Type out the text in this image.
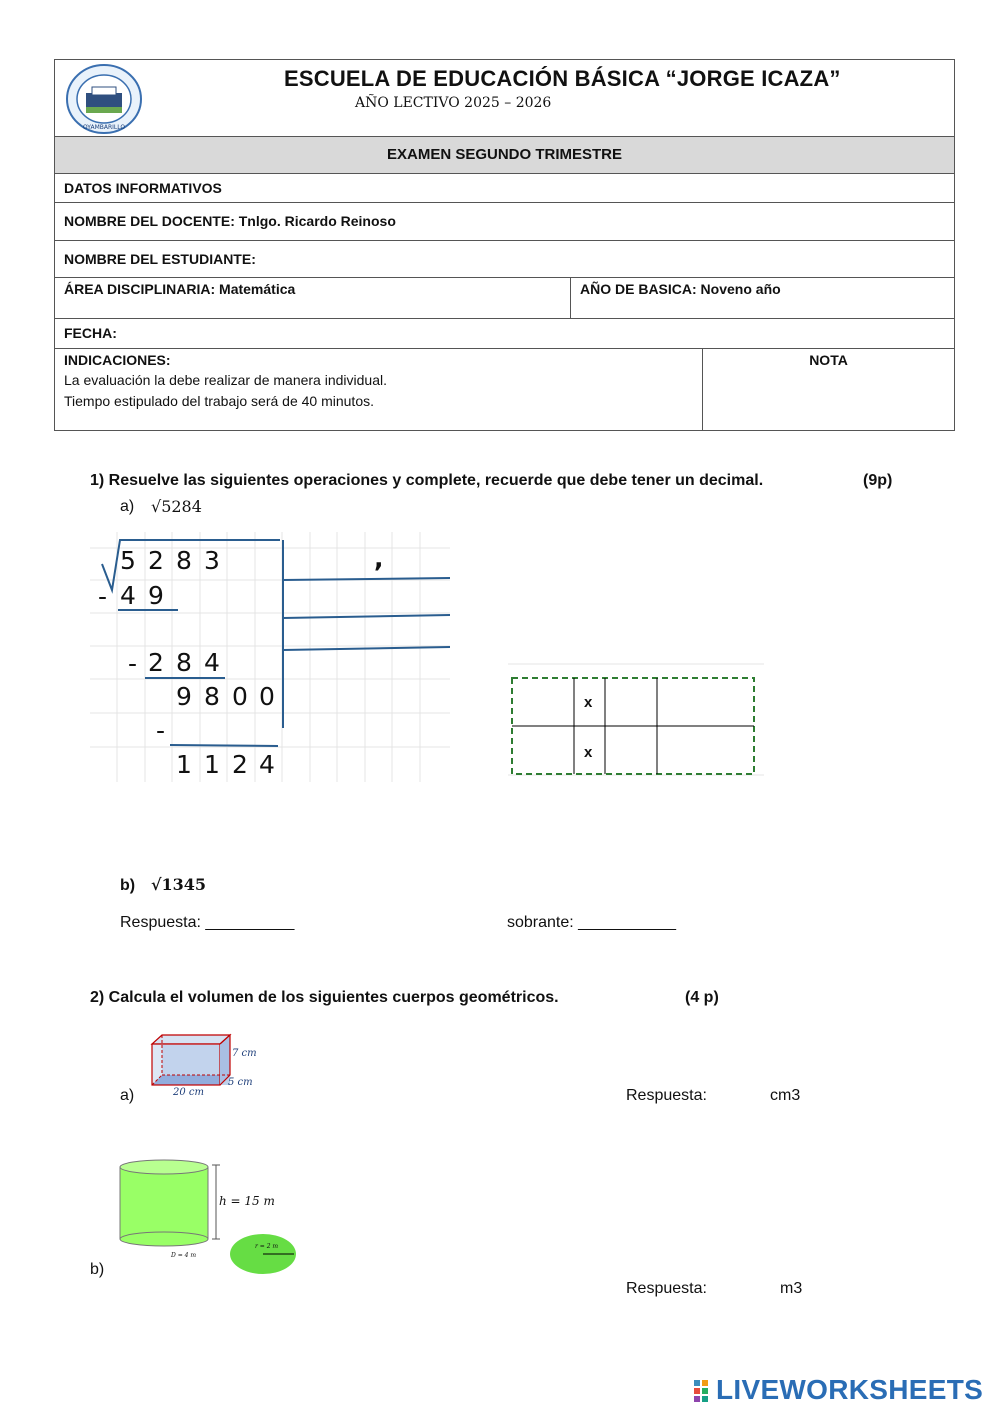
OYAMBARILLO
ESCUELA DE EDUCACIÓN BÁSICA “JORGE ICAZA”
AÑO LECTIVO 2025 – 2026
EXAMEN SEGUNDO TRIMESTRE
DATOS INFORMATIVOS
NOMBRE DEL DOCENTE: Tnlgo. Ricardo Reinoso
NOMBRE DEL ESTUDIANTE:
ÁREA DISCIPLINARIA: Matemática	AÑO DE BASICA: Noveno año
FECHA:
INDICACIONES:
La evaluación la debe realizar de manera individual.
Tiempo estipulado del trabajo será de 40 minutos.
NOTA
1) Resuelve las siguientes operaciones y complete, recuerde que debe tener un decimal.	(9p)
a) √5284
5 2 8 3	,
- 4 9
- 2 8 4
9 8 0 0
-
1 1 2 4
x
x
b) √1345
Respuesta: __________	sobrante: ___________
2) Calcula el volumen de los siguientes cuerpos geométricos.	(4 p)
7 cm
5 cm
20 cm
a)	Respuesta:	cm3
h = 15 m
D = 4 m
r = 2 m
b)
Respuesta:	m3
LIVEWORKSHEETS
